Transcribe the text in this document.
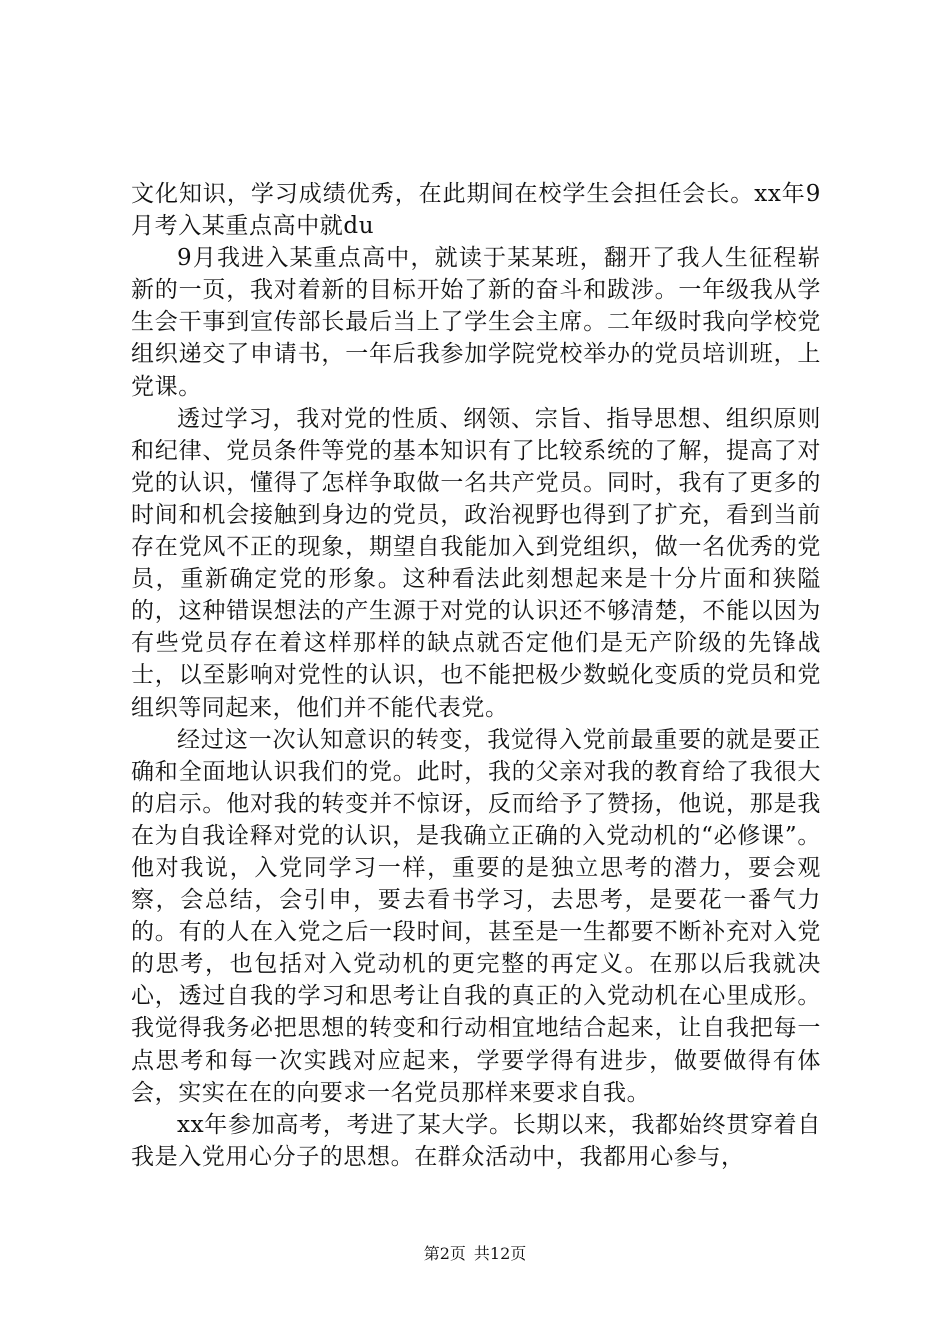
文化知识，学习成绩优秀，在此期间在校学生会担任会长。xx年9月考入某重点高中就du

9月我进入某重点高中，就读于某某班，翻开了我人生征程崭新的一页，我对着新的目标开始了新的奋斗和跋涉。一年级我从学生会干事到宣传部长最后当上了学生会主席。二年级时我向学校党组织递交了申请书，一年后我参加学院党校举办的党员培训班，上党课。

透过学习，我对党的性质、纲领、宗旨、指导思想、组织原则和纪律、党员条件等党的基本知识有了比较系统的了解，提高了对党的认识，懂得了怎样争取做一名共产党员。同时，我有了更多的时间和机会接触到身边的党员，政治视野也得到了扩充，看到当前存在党风不正的现象，期望自我能加入到党组织，做一名优秀的党员，重新确定党的形象。这种看法此刻想起来是十分片面和狭隘的，这种错误想法的产生源于对党的认识还不够清楚，不能以因为有些党员存在着这样那样的缺点就否定他们是无产阶级的先锋战士，以至影响对党性的认识，也不能把极少数蜕化变质的党员和党组织等同起来，他们并不能代表党。

经过这一次认知意识的转变，我觉得入党前最重要的就是要正确和全面地认识我们的党。此时，我的父亲对我的教育给了我很大的启示。他对我的转变并不惊讶，反而给予了赞扬，他说，那是我在为自我诠释对党的认识，是我确立正确的入党动机的“必修课”。他对我说，入党同学习一样，重要的是独立思考的潜力，要会观察，会总结，会引申，要去看书学习，去思考，是要花一番气力的。有的人在入党之后一段时间，甚至是一生都要不断补充对入党的思考，也包括对入党动机的更完整的再定义。在那以后我就决心，透过自我的学习和思考让自我的真正的入党动机在心里成形。我觉得我务必把思想的转变和行动相宜地结合起来，让自我把每一点思考和每一次实践对应起来，学要学得有进步，做要做得有体会，实实在在的向要求一名党员那样来要求自我。

xx年参加高考，考进了某大学。长期以来，我都始终贯穿着自我是入党用心分子的思想。在群众活动中，我都用心参与，

第2页 共12页
